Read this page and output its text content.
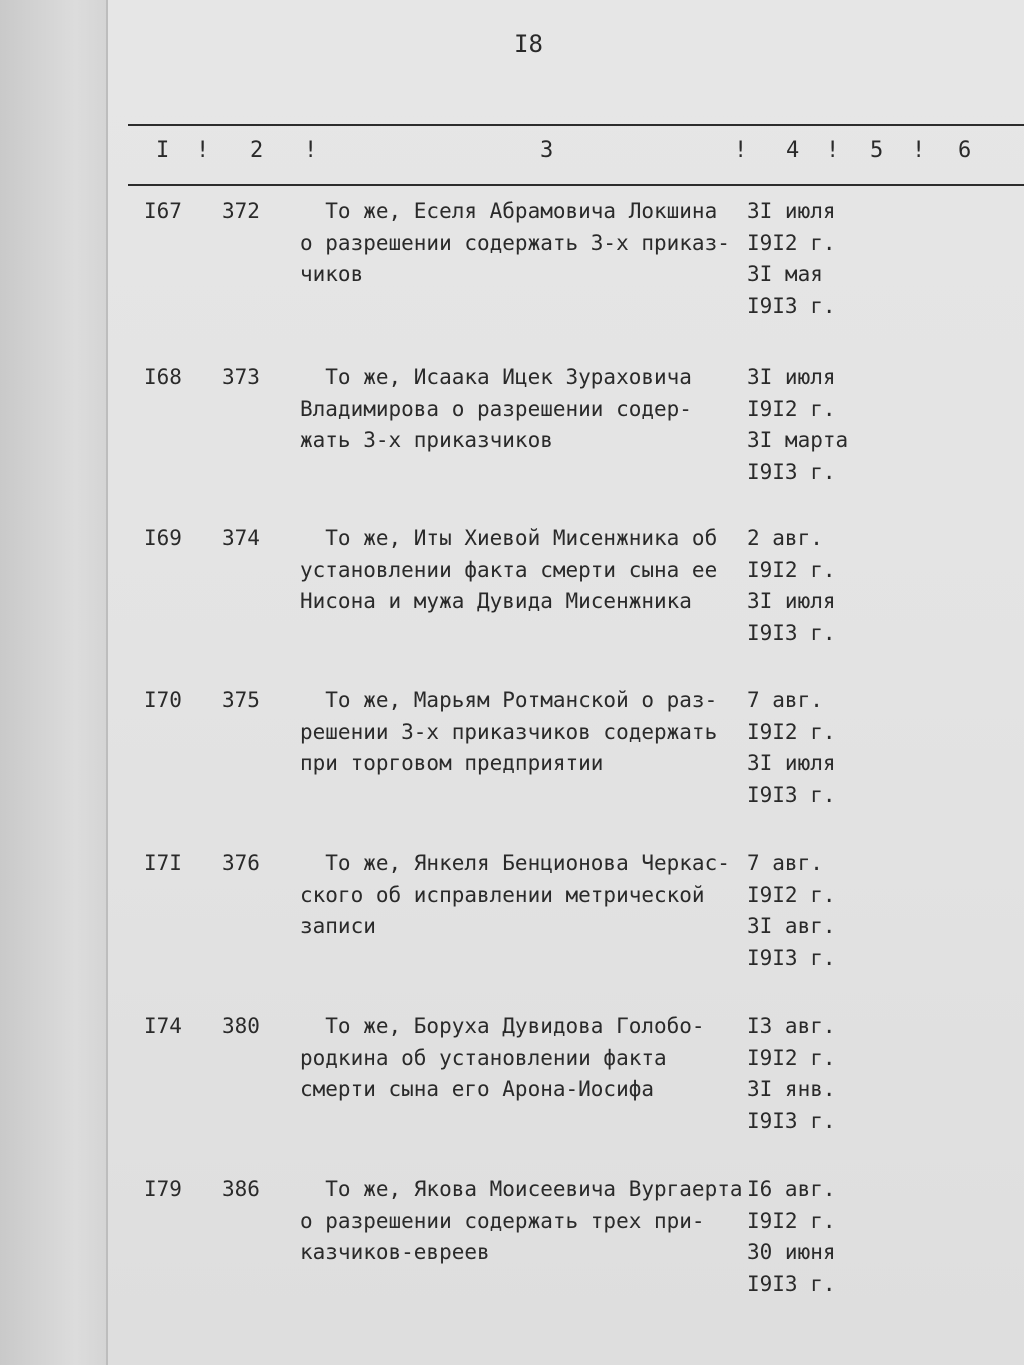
I8
I ! 2 !	3	! 4 ! 5 ! 6
I67 372 То же, Еселя Абрамовича Локшина
о разрешении содержать 3-х приказ-
чиков
3I июля
I9I2 г.
3I мая
I9I3 г.
I68 373 То же, Исаака Ицек Зураховича
Владимирова о разрешении содер-
жать 3-х приказчиков
3I июля
I9I2 г.
3I марта
I9I3 г.
I69 374 То же, Иты Хиевой Мисенжника об
установлении факта смерти сына ее
Нисона и мужа Дувида Мисенжника
2 авг.
I9I2 г.
3I июля
I9I3 г.
I70 375 То же, Марьям Ротманской о раз-
решении 3-х приказчиков содержать
при торговом предприятии
7 авг.
I9I2 г.
3I июля
I9I3 г.
I7I 376 То же, Янкеля Бенционова Черкас-
ского об исправлении метрической
записи
7 авг.
I9I2 г.
3I авг.
I9I3 г.
I74 380 То же, Боруха Дувидова Голобо-
родкина об установлении факта
смерти сына его Арона-Иосифа
I3 авг.
I9I2 г.
3I янв.
I9I3 г.
I79 386 То же, Якова Моисеевича Вургаерта
о разрешении содержать трех при-
казчиков-евреев
I6 авг.
I9I2 г.
30 июня
I9I3 г.
